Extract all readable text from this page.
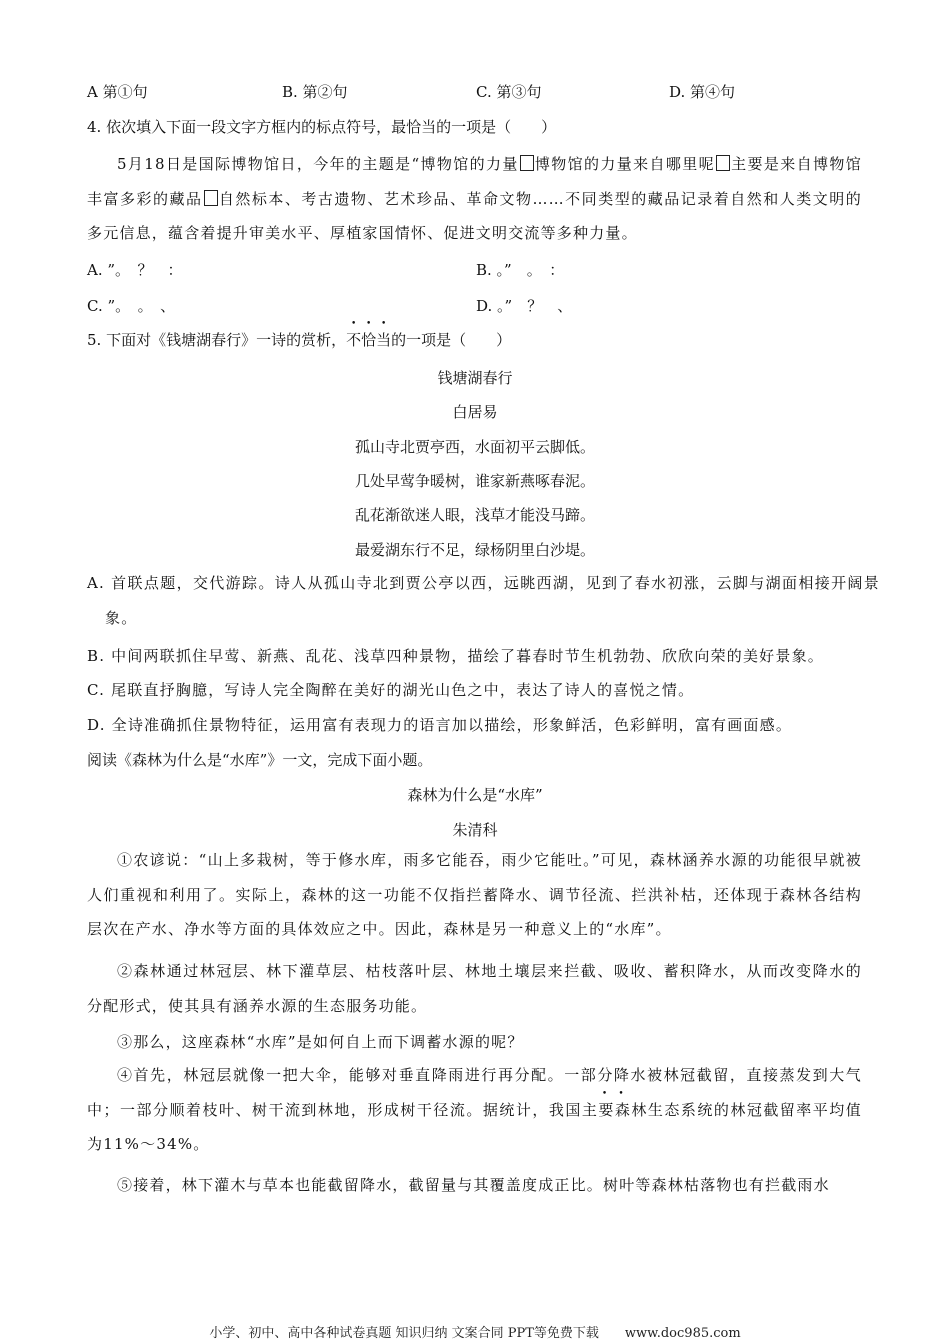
A 第①句	B. 第②句	C. 第③句	D. 第④句
4. 依次填入下面一段文字方框内的标点符号，最恰当的一项是（　　）
5月18日是国际博物馆日，今年的主题是“博物馆的力量 博物馆的力量来自哪里呢 主要是来自博物馆丰富多彩的藏品 自然标本、考古遗物、艺术珍品、革命文物……不同类型的藏品记录着自然和人类文明的多元信息，蕴含着提升审美水平、厚植家国情怀、促进文明交流等多种力量。
A. ”。　？　：	B. 。”　。　：
C. ”。　。　、	D. 。”　？　、
5. 下面对《钱塘湖春行》一诗的赏析，不恰当的一项是（　　）
钱塘湖春行
白居易
孤山寺北贾亭西，水面初平云脚低。
几处早莺争暖树，谁家新燕啄春泥。
乱花渐欲迷人眼，浅草才能没马蹄。
最爱湖东行不足，绿杨阴里白沙堤。
A. 首联点题，交代游踪。诗人从孤山寺北到贾公亭以西，远眺西湖，见到了春水初涨，云脚与湖面相接开阔景象。
B. 中间两联抓住早莺、新燕、乱花、浅草四种景物，描绘了暮春时节生机勃勃、欣欣向荣的美好景象。
C. 尾联直抒胸臆，写诗人完全陶醉在美好的湖光山色之中，表达了诗人的喜悦之情。
D. 全诗准确抓住景物特征，运用富有表现力的语言加以描绘，形象鲜活，色彩鲜明，富有画面感。
阅读《森林为什么是“水库”》一文，完成下面小题。
森林为什么是“水库”
朱清科
①农谚说：“山上多栽树，等于修水库，雨多它能吞，雨少它能吐。”可见，森林涵养水源的功能很早就被人们重视和利用了。实际上，森林的这一功能不仅指拦蓄降水、调节径流、拦洪补枯，还体现于森林各结构层次在产水、净水等方面的具体效应之中。因此，森林是另一种意义上的“水库”。
②森林通过林冠层、林下灌草层、枯枝落叶层、林地土壤层来拦截、吸收、蓄积降水，从而改变降水的分配形式，使其具有涵养水源的生态服务功能。
③那么，这座森林“水库”是如何自上而下调蓄水源的呢？
④首先，林冠层就像一把大伞，能够对垂直降雨进行再分配。一部分降水被林冠截留，直接蒸发到大气中；一部分顺着枝叶、树干流到林地，形成树干径流。据统计，我国主要森林生态系统的林冠截留率平均值为11%～34%。
⑤接着，林下灌木与草本也能截留降水，截留量与其覆盖度成正比。树叶等森林枯落物也有拦截雨水
小学、初中、高中各种试卷真题 知识归纳 文案合同 PPT等免费下载　　www.doc985.com
